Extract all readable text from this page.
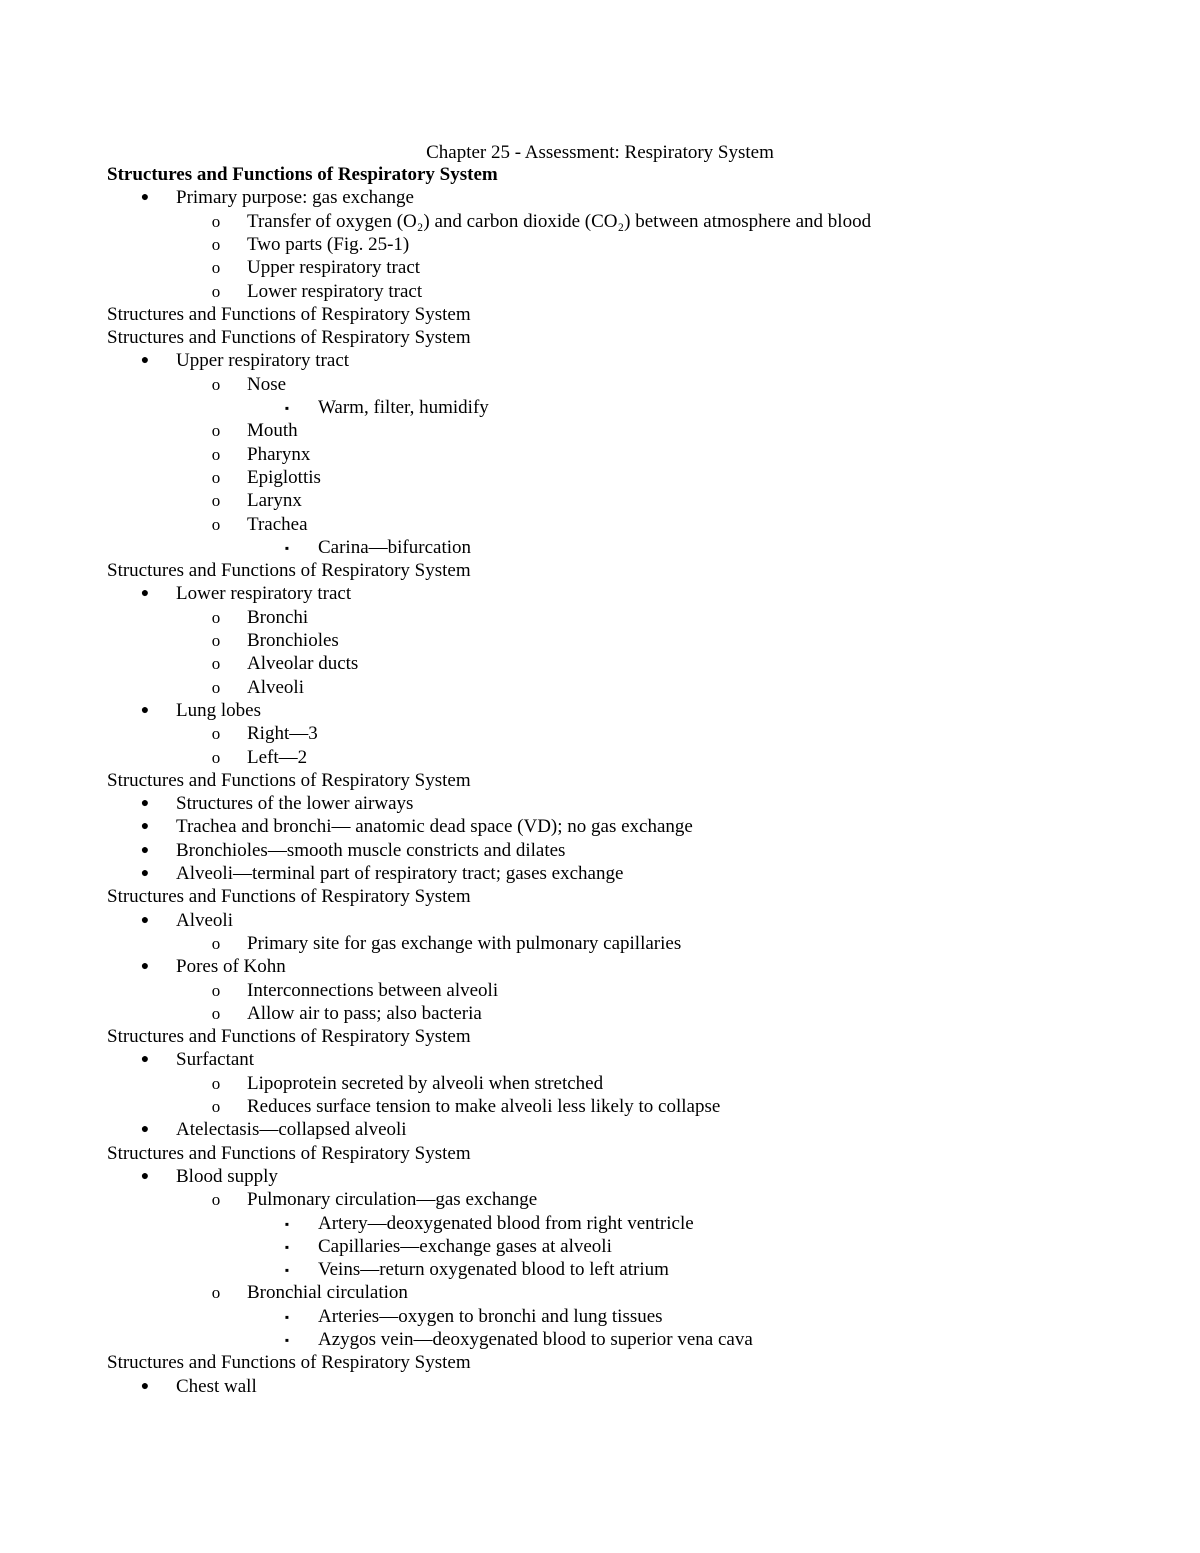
Chapter 25 - Assessment: Respiratory System
Structures and Functions of Respiratory System
●	Primary purpose: gas exchange
o	Transfer of oxygen (O₂) and carbon dioxide (CO₂) between atmosphere and blood
o	Two parts (Fig. 25-1)
o	Upper respiratory tract
o	Lower respiratory tract
Structures and Functions of Respiratory System
Structures and Functions of Respiratory System
●	Upper respiratory tract
o	Nose
▪	Warm, filter, humidify
o	Mouth
o	Pharynx
o	Epiglottis
o	Larynx
o	Trachea
▪	Carina—bifurcation
Structures and Functions of Respiratory System
●	Lower respiratory tract
o	Bronchi
o	Bronchioles
o	Alveolar ducts
o	Alveoli
●	Lung lobes
o	Right—3
o	Left—2
Structures and Functions of Respiratory System
●	Structures of the lower airways
●	Trachea and bronchi— anatomic dead space (VD); no gas exchange
●	Bronchioles—smooth muscle constricts and dilates
●	Alveoli—terminal part of respiratory tract; gases exchange
Structures and Functions of Respiratory System
●	Alveoli
o	Primary site for gas exchange with pulmonary capillaries
●	Pores of Kohn
o	Interconnections between alveoli
o	Allow air to pass; also bacteria
Structures and Functions of Respiratory System
●	Surfactant
o	Lipoprotein secreted by alveoli when stretched
o	Reduces surface tension to make alveoli less likely to collapse
●	Atelectasis—collapsed alveoli
Structures and Functions of Respiratory System
●	Blood supply
o	Pulmonary circulation—gas exchange
▪	Artery—deoxygenated blood from right ventricle
▪	Capillaries—exchange gases at alveoli
▪	Veins—return oxygenated blood to left atrium
o	Bronchial circulation
▪	Arteries—oxygen to bronchi and lung tissues
▪	Azygos vein—deoxygenated blood to superior vena cava
Structures and Functions of Respiratory System
●	Chest wall
